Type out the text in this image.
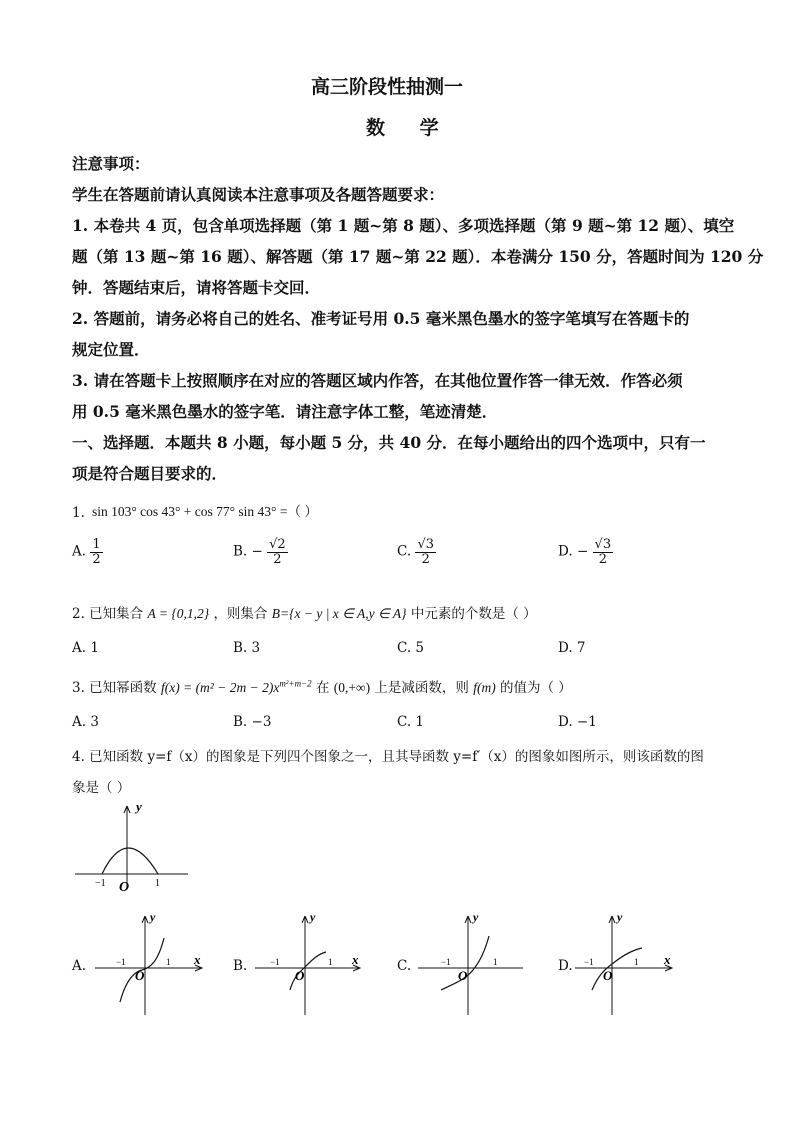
高三阶段性抽测一
数 学
注意事项：
学生在答题前请认真阅读本注意事项及各题答题要求：
1. 本卷共 4 页，包含单项选择题（第 1 题~第 8 题）、多项选择题（第 9 题~第 12 题）、填空
题（第 13 题~第 16 题）、解答题（第 17 题~第 22 题）．本卷满分 150 分，答题时间为 120 分
钟．答题结束后，请将答题卡交回．
2. 答题前，请务必将自己的姓名、准考证号用 0.5 毫米黑色墨水的签字笔填写在答题卡的
规定位置．
3. 请在答题卡上按照顺序在对应的答题区域内作答，在其他位置作答一律无效．作答必须
用 0.5 毫米黑色墨水的签字笔．请注意字体工整，笔迹清楚．
一、选择题．本题共 8 小题，每小题 5 分，共 40 分．在每小题给出的四个选项中，只有一
项是符合题目要求的．
1. sin 103° cos 43° + cos 77° sin 43° =（ ）
A. $\frac{1}{2}$	B. − $\frac{√2}{2}$	C. $\frac{√3}{2}$	D. − $\frac{√3}{2}$
2. 已知集合 A = {0,1,2} ，则集合 B={x − y | x ∈ A,y ∈ A} 中元素的个数是（ ）
A. 1	B. 3	C. 5	D. 7
3. 已知幂函数 $f(x) = (m^2 - 2m - 2)x^{m^2+m-2}$ 在 (0,+∞) 上是减函数，则 f(m) 的值为（ ）
A. 3	B. −3	C. 1	D. −1
4. 已知函数 y=f（x）的图象是下列四个图象之一，且其导函数 y=f′（x）的图象如图所示，则该函数的图
象是（ ）
y
O
−1	1
A.
y
x
O
−1	1	B.
y
x
O
−1	1	C.
y
O
−1	1	D.
y
x
O
−1	1
